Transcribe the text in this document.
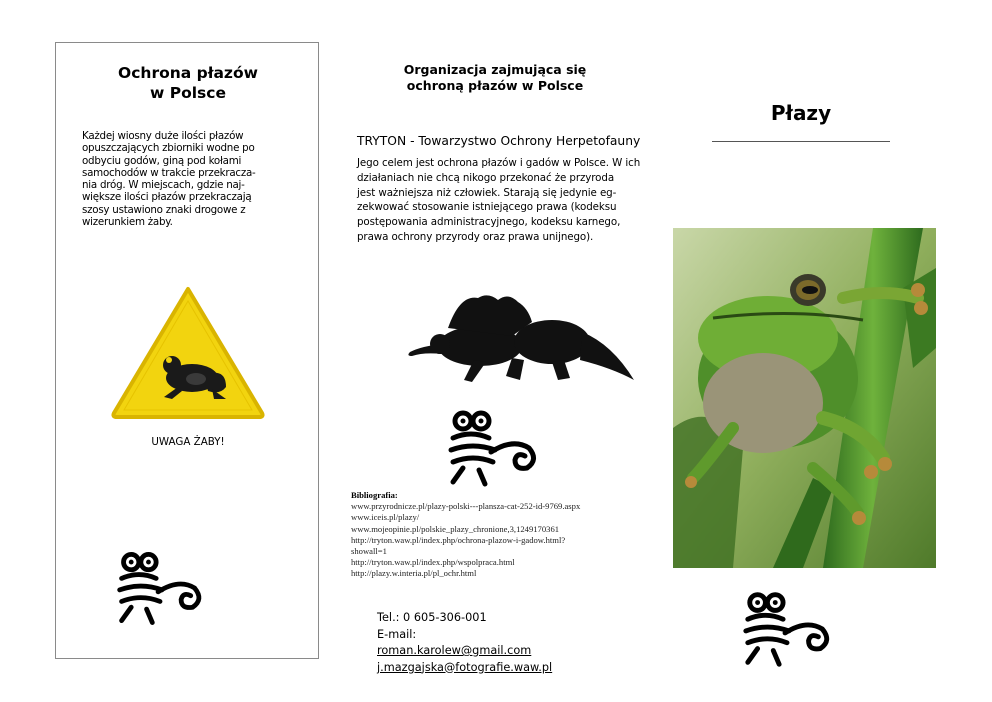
Ochrona płazów
w Polsce
Każdej wiosny duże ilości płazów
opuszczających zbiorniki wodne po
odbyciu godów, giną pod kołami
samochodów w trakcie przekracza-
nia dróg. W miejscach, gdzie naj-
większe ilości płazów przekraczają
szosy ustawiono znaki drogowe z
wizerunkiem żaby.
UWAGA ŻABY!
Organizacja zajmująca się
ochroną płazów w Polsce
TRYTON - Towarzystwo Ochrony Herpetofauny
Jego celem jest ochrona płazów i gadów w Polsce. W ich
działaniach nie chcą nikogo przekonać że przyroda
jest ważniejsza niż człowiek. Starają się jedynie eg-
zekwować stosowanie istniejącego prawa (kodeksu
postępowania administracyjnego, kodeksu karnego,
prawa ochrony przyrody oraz prawa unijnego).
Bibliografia:
www.przyrodnicze.pl/plazy-polski---plansza-cat-252-id-9769.aspx
www.iceis.pl/plazy/
www.mojeopinie.pl/polskie_plazy_chronione,3,1249170361
http://tryton.waw.pl/index.php/ochrona-plazow-i-gadow.html?
showall=1
http://tryton.waw.pl/index.php/wspolpraca.html
http://plazy.w.interia.pl/pl_ochr.html
Tel.: 0 605-306-001
E-mail:
roman.karolew@gmail.com
j.mazgajska@fotografie.waw.pl
Płazy
